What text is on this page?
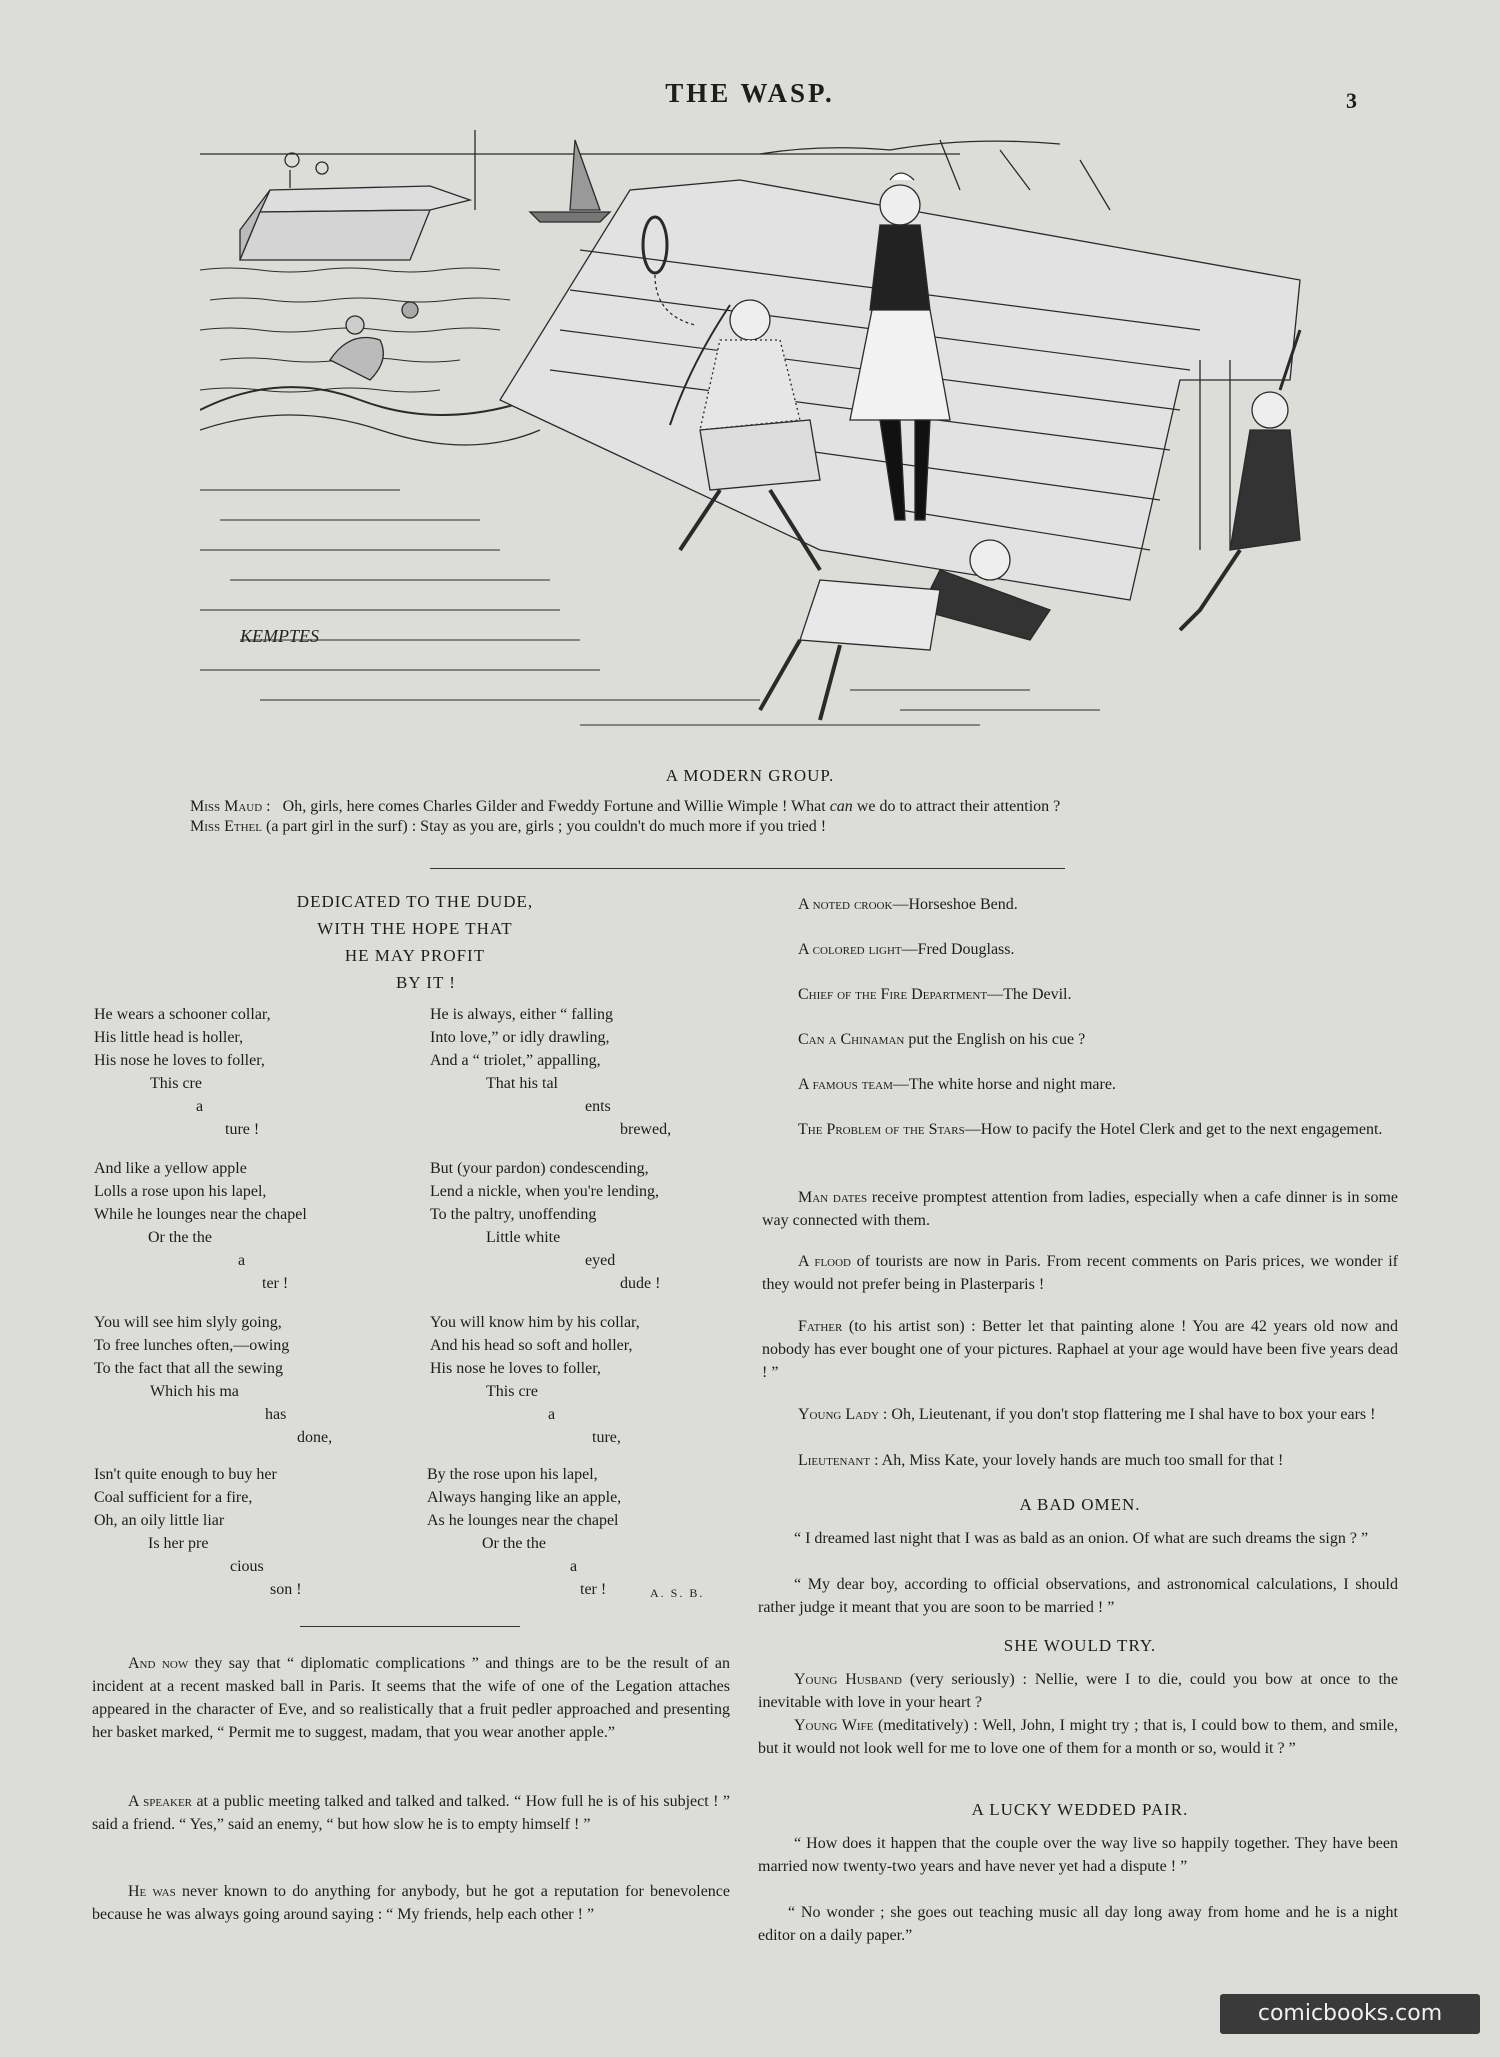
THE WASP.	3
KEMPTES
A MODERN GROUP.
Miss Maud : Oh, girls, here comes Charles Gilder and Fweddy Fortune and Willie Wimple ! What can we do to attract their attention ?
Miss Ethel (a part girl in the surf) : Stay as you are, girls ; you couldn't do much more if you tried !
DEDICATED TO THE DUDE,
WITH THE HOPE THAT
HE MAY PROFIT
BY IT !
He wears a schooner collar,
His little head is holler,
His nose he loves to foller,
This cre
a
ture !
And like a yellow apple
Lolls a rose upon his lapel,
While he lounges near the chapel
Or the the
a
ter !
You will see him slyly going,
To free lunches often,—owing
To the fact that all the sewing
Which his ma
has
done,
Isn't quite enough to buy her
Coal sufficient for a fire,
Oh, an oily little liar
Is her pre
cious
son !
He is always, either “ falling
Into love,” or idly drawling,
And a “ triolet,” appalling,
That his tal
ents
brewed,
But (your pardon) condescending,
Lend a nickle, when you're lending,
To the paltry, unoffending
Little white
eyed
dude !
You will know him by his collar,
And his head so soft and holler,
His nose he loves to foller,
This cre
a
ture,
By the rose upon his lapel,
Always hanging like an apple,
As he lounges near the chapel
Or the the
a
ter !	A. S. B.
And now they say that “ diplomatic complications ” and things are to be the result of an incident at a recent masked ball in Paris. It seems that the wife of one of the Legation attaches appeared in the character of Eve, and so realistically that a fruit pedler approached and presenting her basket marked, “ Permit me to suggest, madam, that you wear another apple.”
A speaker at a public meeting talked and talked and talked. “ How full he is of his subject ! ” said a friend. “ Yes,” said an enemy, “ but how slow he is to empty himself ! ”
He was never known to do anything for anybody, but he got a reputation for benevolence because he was always going around saying : “ My friends, help each other ! ”
A noted crook—Horseshoe Bend.
A colored light—Fred Douglass.
Chief of the Fire Department—The Devil.
Can a Chinaman put the English on his cue ?
A famous team—The white horse and night mare.
The Problem of the Stars—How to pacify the Hotel Clerk and get to the next engagement.
Man dates receive promptest attention from ladies, especially when a cafe dinner is in some way connected with them.
A flood of tourists are now in Paris. From recent comments on Paris prices, we wonder if they would not prefer being in Plasterparis !
Father (to his artist son) : Better let that painting alone ! You are 42 years old now and nobody has ever bought one of your pictures. Raphael at your age would have been five years dead ! ”
Young Lady : Oh, Lieutenant, if you don't stop flattering me I shal have to box your ears !
Lieutenant : Ah, Miss Kate, your lovely hands are much too small for that !
A BAD OMEN.
“ I dreamed last night that I was as bald as an onion. Of what are such dreams the sign ? ”
“ My dear boy, according to official observations, and astronomical calculations, I should rather judge it meant that you are soon to be married ! ”
SHE WOULD TRY.
Young Husband (very seriously) : Nellie, were I to die, could you bow at once to the inevitable with love in your heart ?
Young Wife (meditatively) : Well, John, I might try ; that is, I could bow to them, and smile, but it would not look well for me to love one of them for a month or so, would it ? ”
A LUCKY WEDDED PAIR.
“ How does it happen that the couple over the way live so happily together. They have been married now twenty-two years and have never yet had a dispute ! ”
“ No wonder ; she goes out teaching music all day long away from home and he is a night editor on a daily paper.”
comicbooks.com
